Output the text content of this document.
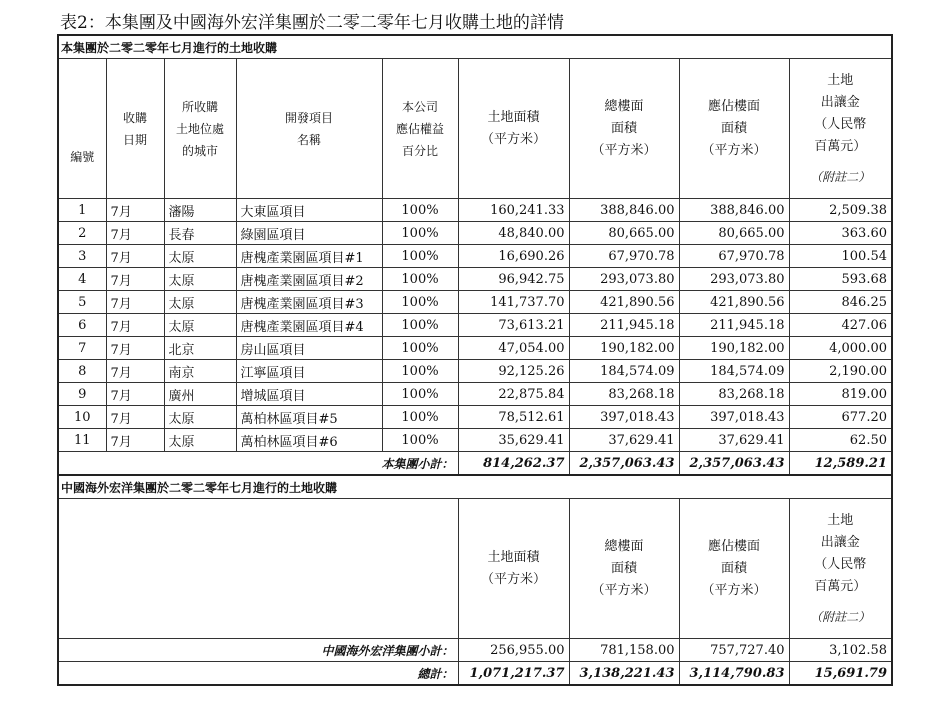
表2：本集團及中國海外宏洋集團於二零二零年七月收購土地的詳情
本集團於二零二零年七月進行的土地收購								
編號	收購
日期	所收購
土地位處
的城市	開發項目
名稱	本公司
應佔權益
百分比	土地面積
（平方米）	總樓面
面積
（平方米）	應佔樓面
面積
（平方米）	土地
出讓金
（人民幣
百萬元）
（附註二）

1	7月	瀋陽	大東區項目	100%	160,241.33	388,846.00	388,846.00	2,509.38
2	7月	長春	綠園區項目	100%	48,840.00	80,665.00	80,665.00	363.60
3	7月	太原	唐槐產業園區項目#1	100%	16,690.26	67,970.78	67,970.78	100.54
4	7月	太原	唐槐產業園區項目#2	100%	96,942.75	293,073.80	293,073.80	593.68
5	7月	太原	唐槐產業園區項目#3	100%	141,737.70	421,890.56	421,890.56	846.25
6	7月	太原	唐槐產業園區項目#4	100%	73,613.21	211,945.18	211,945.18	427.06
7	7月	北京	房山區項目	100%	47,054.00	190,182.00	190,182.00	4,000.00
8	7月	南京	江寧區項目	100%	92,125.26	184,574.09	184,574.09	2,190.00
9	7月	廣州	增城區項目	100%	22,875.84	83,268.18	83,268.18	819.00
10	7月	太原	萬柏林區項目#5	100%	78,512.61	397,018.43	397,018.43	677.20
11	7月	太原	萬柏林區項目#6	100%	35,629.41	37,629.41	37,629.41	62.50
本集團小計：					814,262.37	2,357,063.43	2,357,063.43	12,589.21
中國海外宏洋集團於二零二零年七月進行的土地收購								

					土地面積
（平方米）	總樓面
面積
（平方米）	應佔樓面
面積
（平方米）	土地
出讓金
（人民幣
百萬元）
（附註二）

中國海外宏洋集團小計：					256,955.00	781,158.00	757,727.40	3,102.58
總計：					1,071,217.37	3,138,221.43	3,114,790.83	15,691.79
